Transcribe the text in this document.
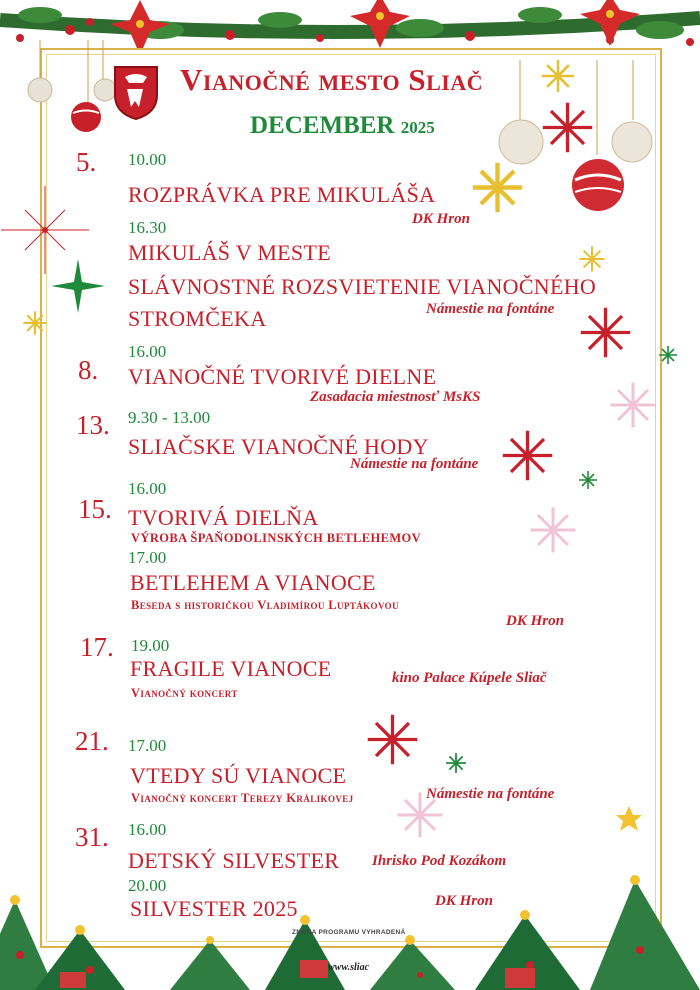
Vianočné mesto Sliač
DECEMBER 2025
5. 10.00
ROZPRÁVKA PRE MIKULÁŠA
DK Hron
16.30
MIKULÁŠ V MESTE
SLÁVNOSTNÉ ROZSVIETENIE VIANOČNÉHO
STROMČEKA	Námestie na fontáne
8.
16.00
VIANOČNÉ TVORIVÉ DIELNE
Zasadacia miestnosť MsKS
13. 9.30 - 13.00
SLIAČSKE VIANOČNÉ HODY
Námestie na fontáne
15.
16.00
TVORIVÁ DIELŇA
VÝROBA ŠPAŇODOLINSKÝCH BETLEHEMOV
17.00
BETLEHEM A VIANOCE
Beseda s historičkou Vladimírou Luptákovou
DK Hron
17. 19.00
FRAGILE VIANOCE
Vianočný koncert
kino Palace Kúpele Sliač
21. 17.00
VTEDY SÚ VIANOCE
Vianočný koncert Terezy Králikovej	Námestie na fontáne
31. 16.00
DETSKÝ SILVESTER Ihrisko Pod Kozákom
20.00
SILVESTER 2025	DK Hron
ZMENA PROGRAMU VYHRADENÁ
www.sliac
